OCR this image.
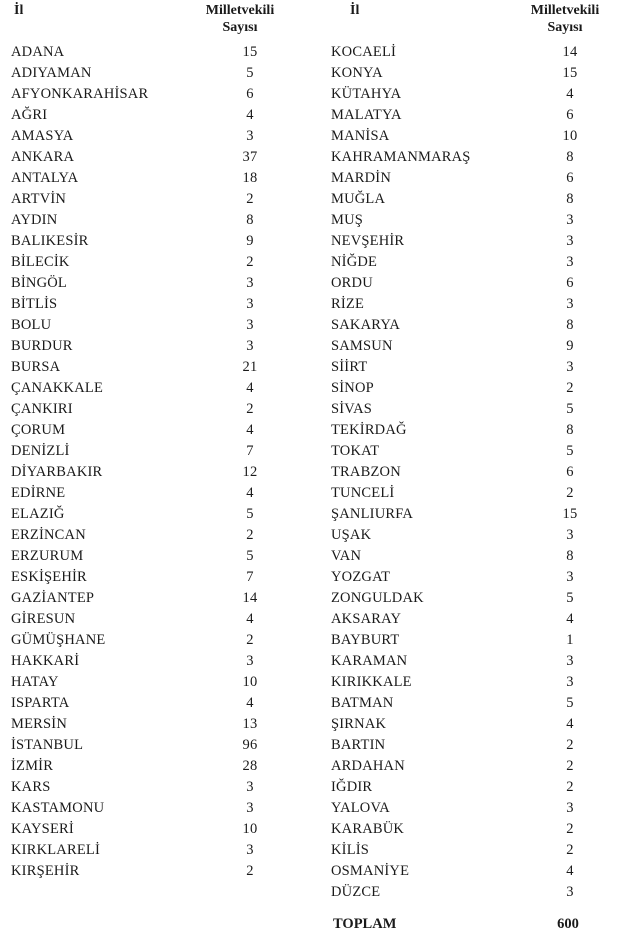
İl	Milletvekili
Sayısı
İl	Milletvekili
Sayısı
ADANA	15
ADIYAMAN	5
AFYONKARAHİSAR	6
AĞRI	4
AMASYA	3
ANKARA	37
ANTALYA	18
ARTVİN	2
AYDIN	8
BALIKESİR	9
BİLECİK	2
BİNGÖL	3
BİTLİS	3
BOLU	3
BURDUR	3
BURSA	21
ÇANAKKALE	4
ÇANKIRI	2
ÇORUM	4
DENİZLİ	7
DİYARBAKIR	12
EDİRNE	4
ELAZIĞ	5
ERZİNCAN	2
ERZURUM	5
ESKİŞEHİR	7
GAZİANTEP	14
GİRESUN	4
GÜMÜŞHANE	2
HAKKARİ	3
HATAY	10
ISPARTA	4
MERSİN	13
İSTANBUL	96
İZMİR	28
KARS	3
KASTAMONU	3
KAYSERİ	10
KIRKLARELİ	3
KIRŞEHİR	2
KOCAELİ	14
KONYA	15
KÜTAHYA	4
MALATYA	6
MANİSA	10
KAHRAMANMARAŞ	8
MARDİN	6
MUĞLA	8
MUŞ	3
NEVŞEHİR	3
NİĞDE	3
ORDU	6
RİZE	3
SAKARYA	8
SAMSUN	9
SİİRT	3
SİNOP	2
SİVAS	5
TEKİRDAĞ	8
TOKAT	5
TRABZON	6
TUNCELİ	2
ŞANLIURFA	15
UŞAK	3
VAN	8
YOZGAT	3
ZONGULDAK	5
AKSARAY	4
BAYBURT	1
KARAMAN	3
KIRIKKALE	3
BATMAN	5
ŞIRNAK	4
BARTIN	2
ARDAHAN	2
IĞDIR	2
YALOVA	3
KARABÜK	2
KİLİS	2
OSMANİYE	4
DÜZCE	3
TOPLAM	600
